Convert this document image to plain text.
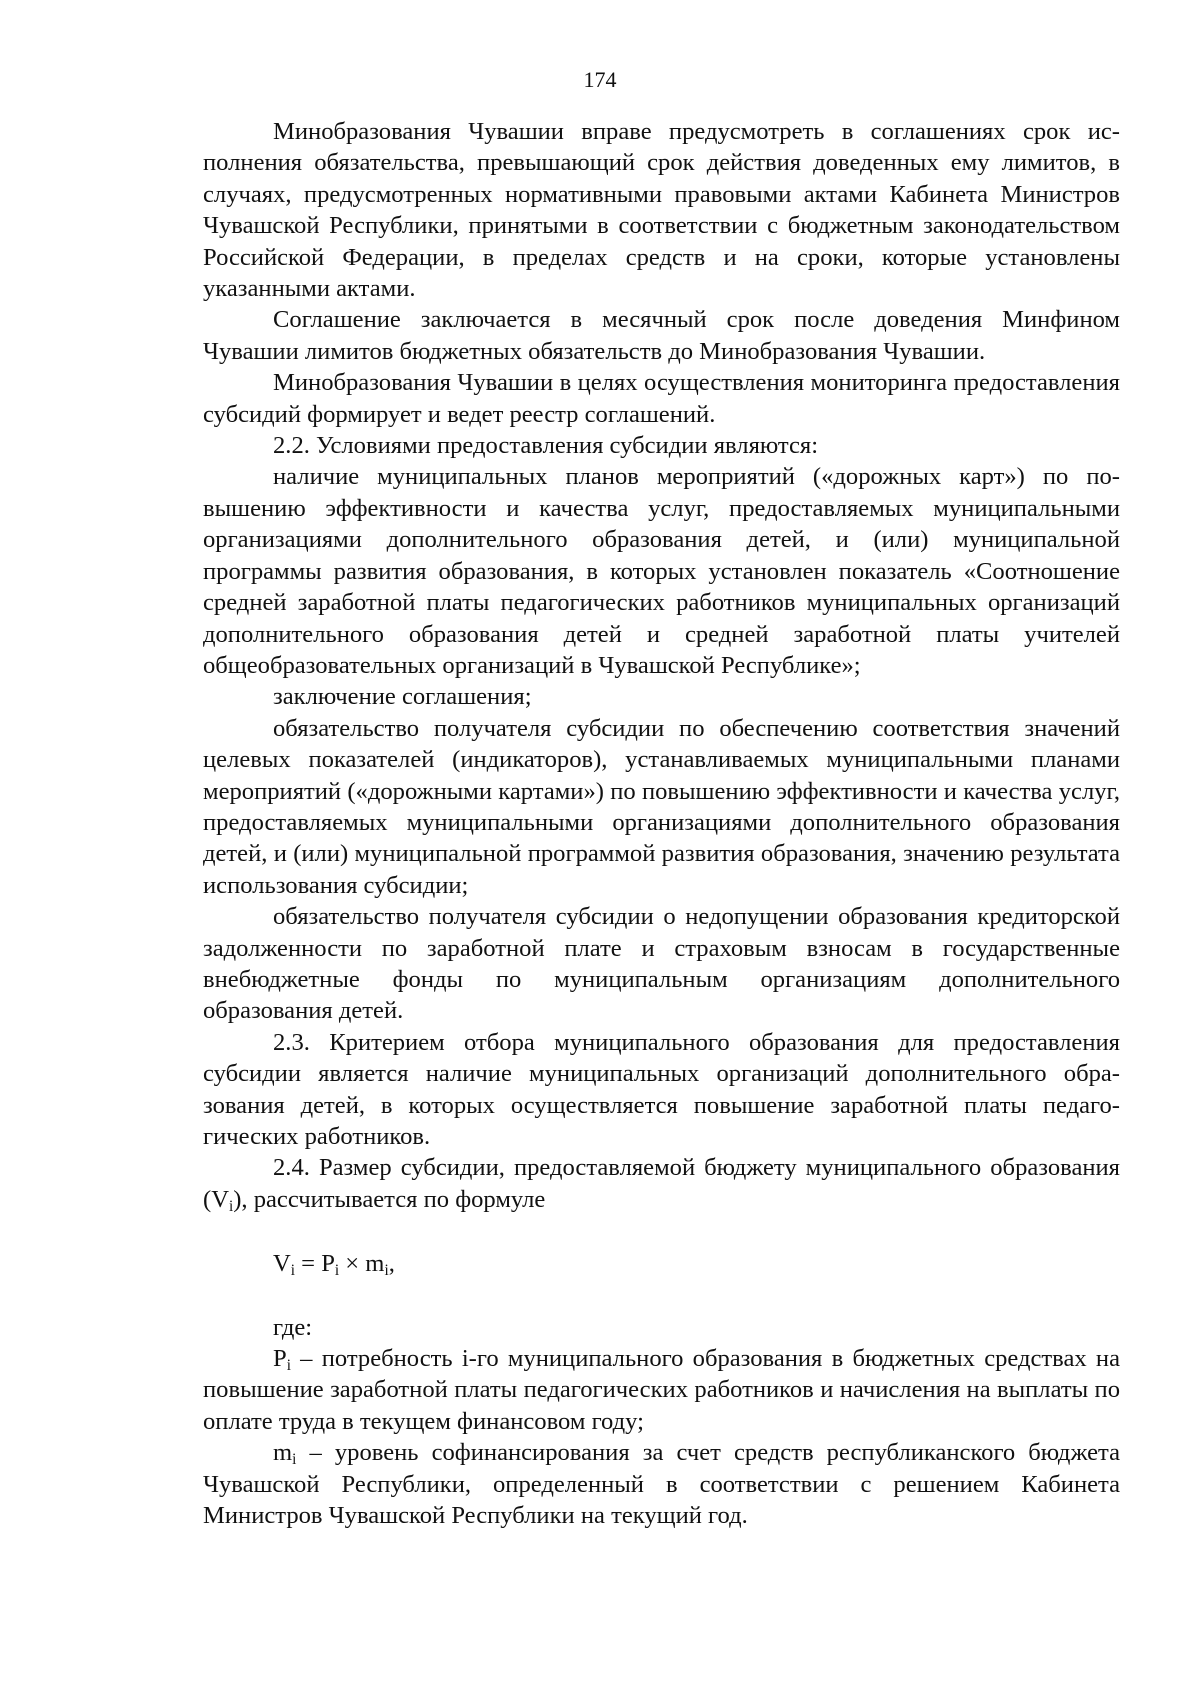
174

Минобразования Чувашии вправе предусмотреть в соглашениях срок исполнения обязательства, превышающий срок действия доведенных ему лимитов, в случаях, предусмотренных нормативными правовыми актами Кабинета Министров Чувашской Республики, принятыми в соответствии с бюджетным законодательством Российской Федерации, в пределах средств и на сроки, которые установлены указанными актами.

Соглашение заключается в месячный срок после доведения Минфином Чувашии лимитов бюджетных обязательств до Минобразования Чувашии.

Минобразования Чувашии в целях осуществления мониторинга предоставления субсидий формирует и ведет реестр соглашений.

2.2. Условиями предоставления субсидии являются:

наличие муниципальных планов мероприятий («дорожных карт») по повышению эффективности и качества услуг, предоставляемых муниципальными организациями дополнительного образования детей, и (или) муниципальной программы развития образования, в которых установлен показатель «Соотношение средней заработной платы педагогических работников муниципальных организаций дополнительного образования детей и средней заработной платы учителей общеобразовательных организаций в Чувашской Республике»;

заключение соглашения;

обязательство получателя субсидии по обеспечению соответствия значений целевых показателей (индикаторов), устанавливаемых муниципальными планами мероприятий («дорожными картами») по повышению эффективности и качества услуг, предоставляемых муниципальными организациями дополнительного образования детей, и (или) муниципальной программой развития образования, значению результата использования субсидии;

обязательство получателя субсидии о недопущении образования кредиторской задолженности по заработной плате и страховым взносам в государственные внебюджетные фонды по муниципальным организациям дополнительного образования детей.

2.3. Критерием отбора муниципального образования для предоставления субсидии является наличие муниципальных организаций дополнительного образования детей, в которых осуществляется повышение заработной платы педагогических работников.

2.4. Размер субсидии, предоставляемой бюджету муниципального образования $(V_i)$, рассчитывается по формуле

$V_i = P_i \times m_i$,

где:

$P_i$ – потребность i-го муниципального образования в бюджетных средствах на повышение заработной платы педагогических работников и начисления на выплаты по оплате труда в текущем финансовом году;

$m_i$ – уровень софинансирования за счет средств республиканского бюджета Чувашской Республики, определенный в соответствии с решением Кабинета Министров Чувашской Республики на текущий год.
